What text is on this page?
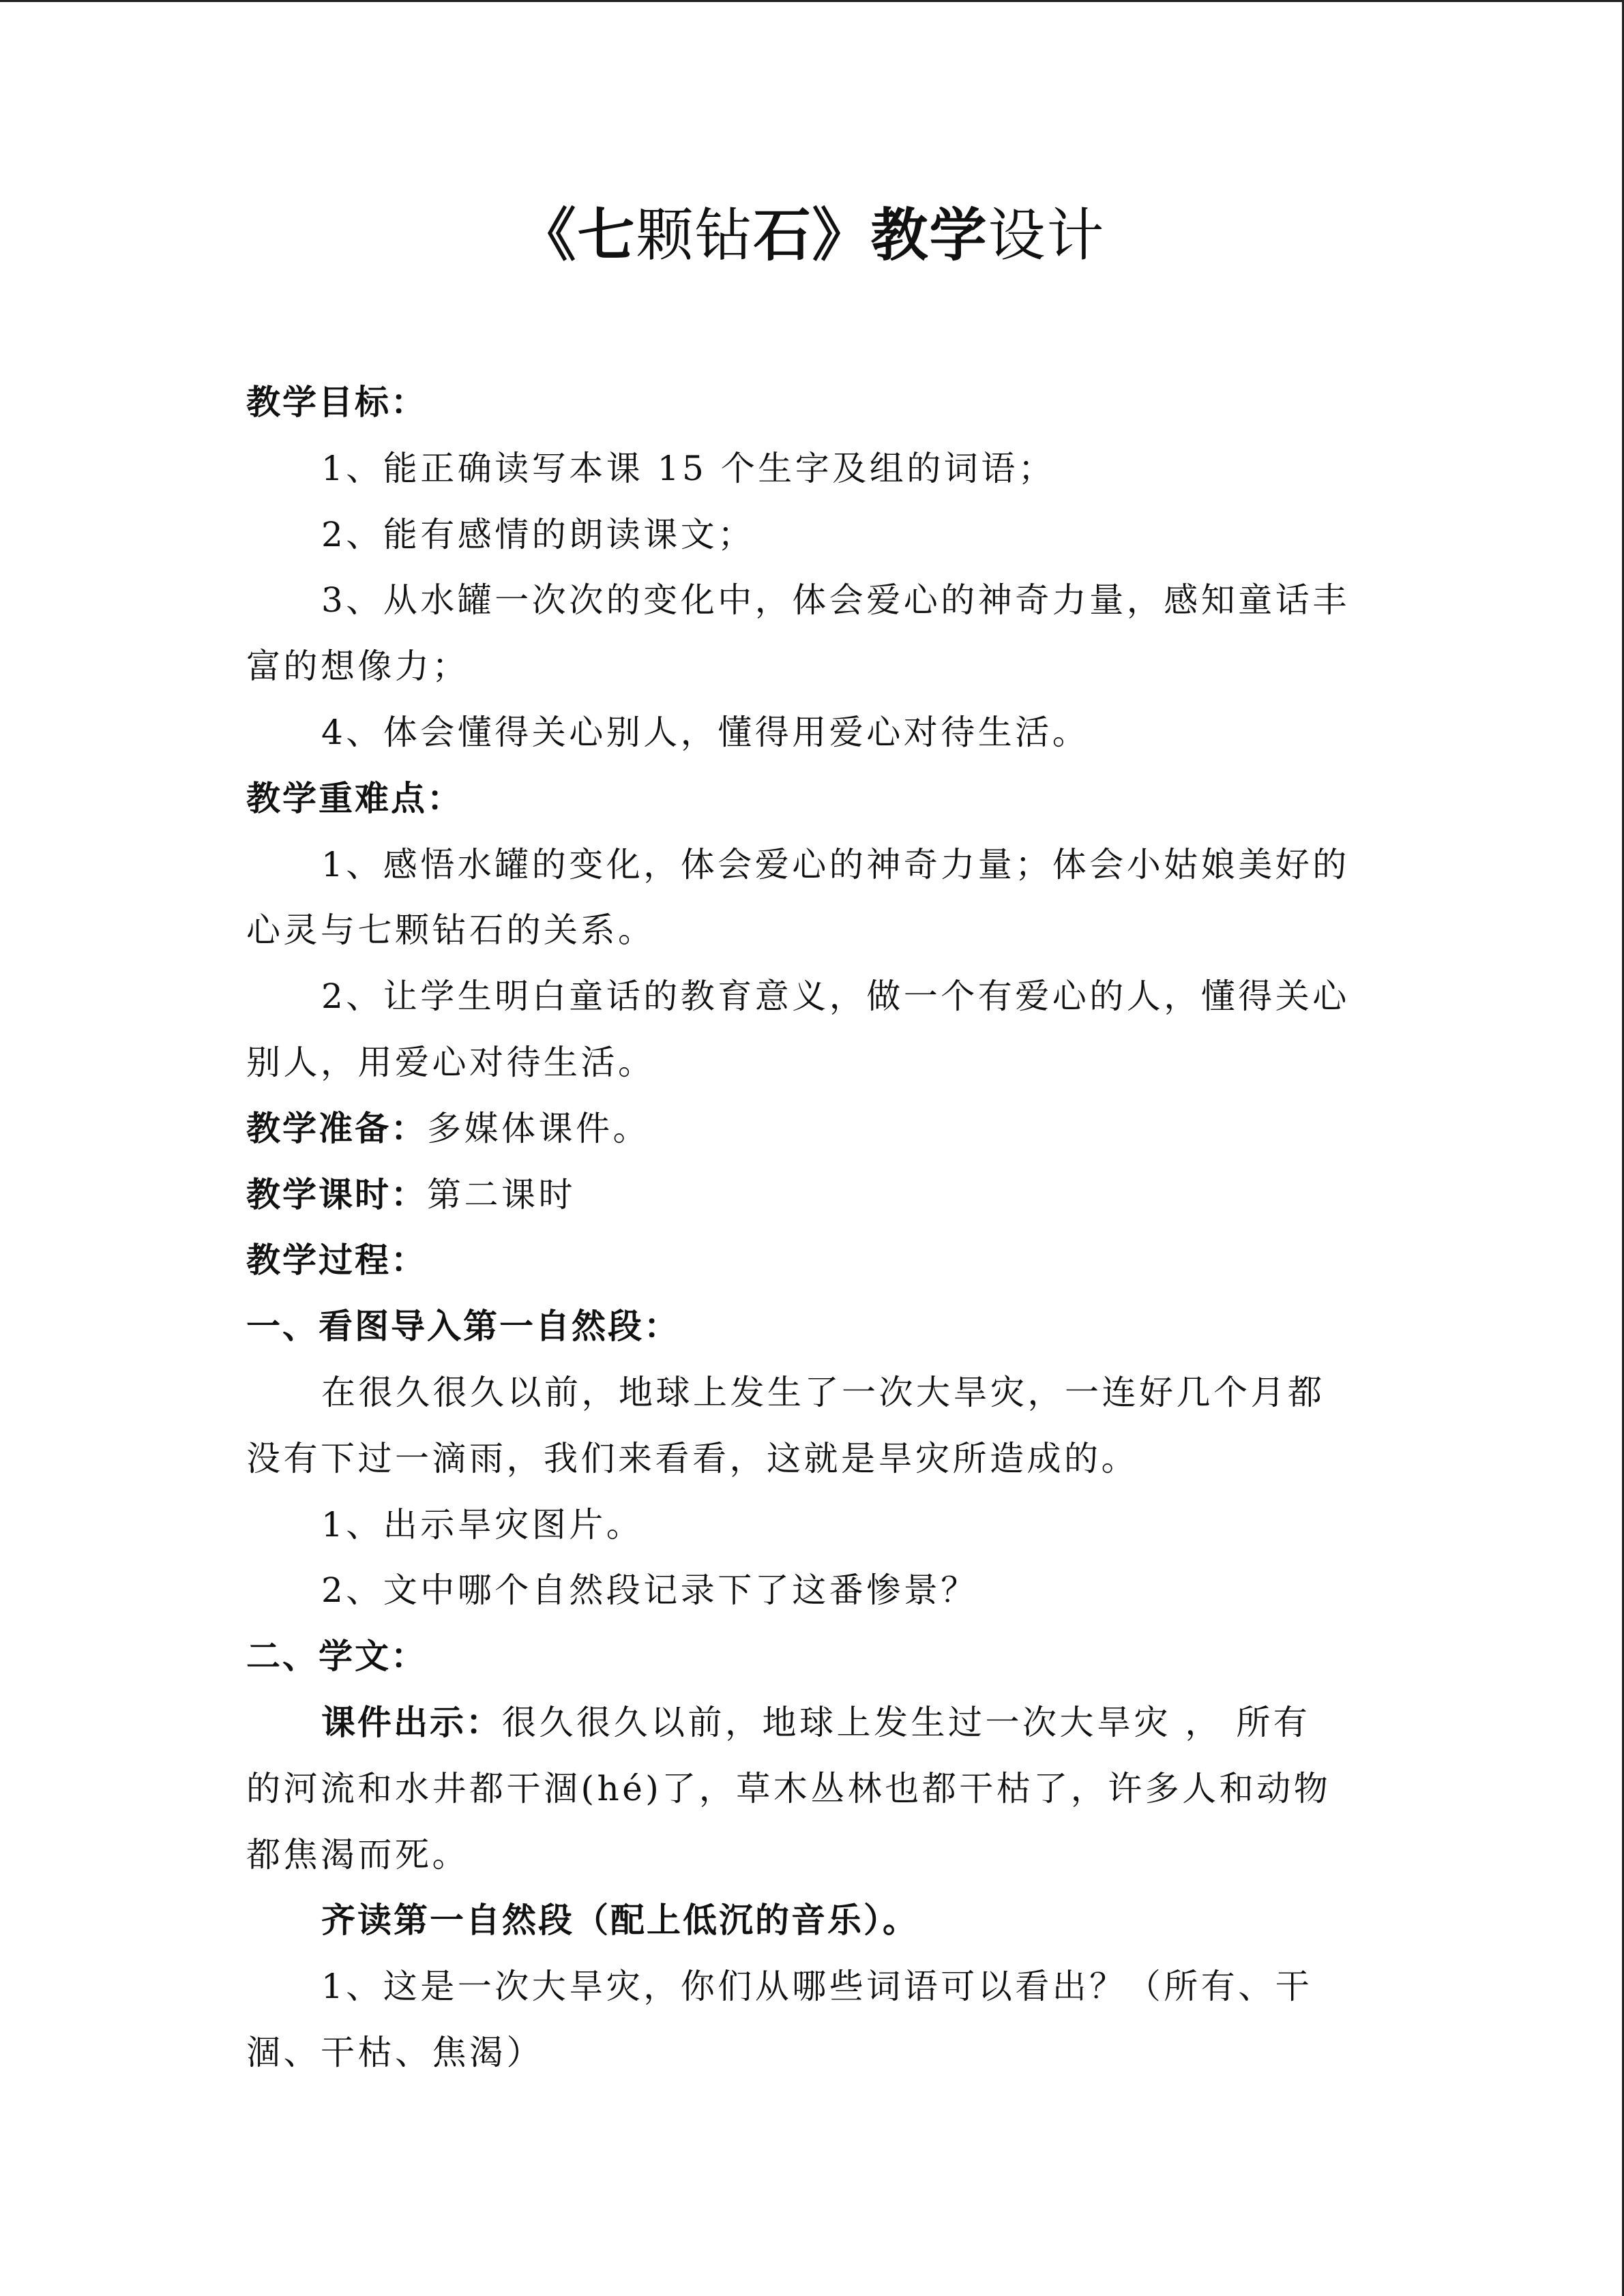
《七颗钻石》教学设计
教学目标：
1、能正确读写本课 15 个生字及组的词语；
2、能有感情的朗读课文；
3、从水罐一次次的变化中，体会爱心的神奇力量，感知童话丰
富的想像力；
4、体会懂得关心别人，懂得用爱心对待生活。
教学重难点：
1、感悟水罐的变化，体会爱心的神奇力量；体会小姑娘美好的
心灵与七颗钻石的关系。
2、让学生明白童话的教育意义，做一个有爱心的人，懂得关心
别人，用爱心对待生活。
教学准备：多媒体课件。
教学课时：第二课时
教学过程：
一、看图导入第一自然段：
在很久很久以前，地球上发生了一次大旱灾，一连好几个月都
没有下过一滴雨，我们来看看，这就是旱灾所造成的。
1、出示旱灾图片。
2、文中哪个自然段记录下了这番惨景？
二、学文：
课件出示：很久很久以前，地球上发生过一次大旱灾 ， 所有
的河流和水井都干涸(hé)了，草木丛林也都干枯了，许多人和动物
都焦渴而死。
齐读第一自然段（配上低沉的音乐）。
1、这是一次大旱灾，你们从哪些词语可以看出？（所有、干
涸、干枯、焦渴）
